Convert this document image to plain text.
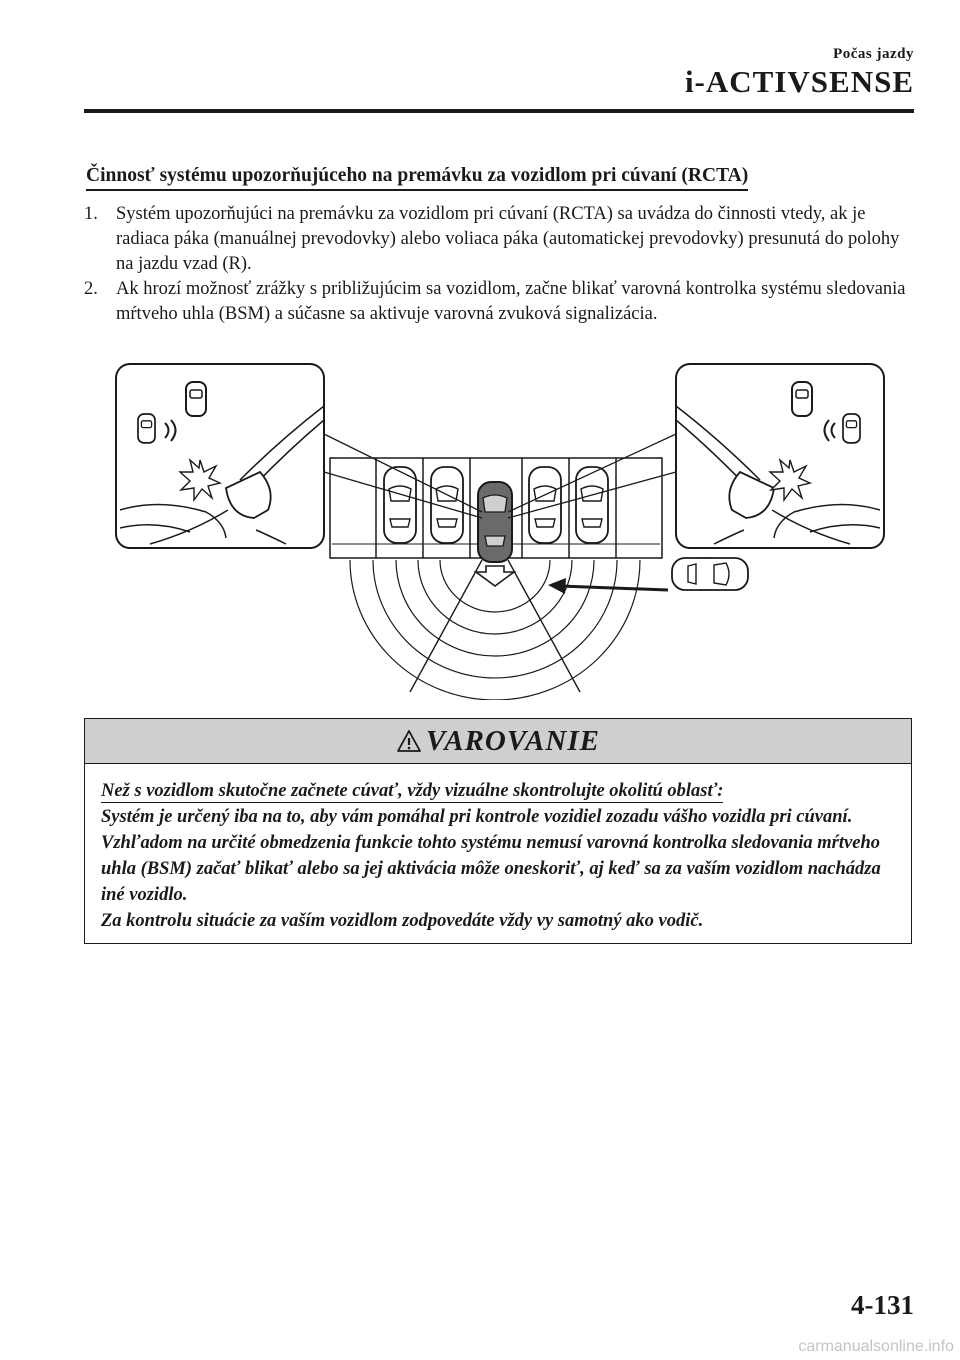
Počas jazdy
i-ACTIVSENSE
Činnosť systému upozorňujúceho na premávku za vozidlom pri cúvaní (RCTA)

1. Systém upozorňujúci na premávku za vozidlom pri cúvaní (RCTA) sa uvádza do činnosti vtedy, ak je radiaca páka (manuálnej prevodovky) alebo voliaca páka (automatickej prevodovky) presunutá do polohy na jazdu vzad (R).

2. Ak hrozí možnosť zrážky s približujúcim sa vozidlom, začne blikať varovná kontrolka systému sledovania mŕtveho uhla (BSM) a súčasne sa aktivuje varovná zvuková signalizácia.

VAROVANIE

Než s vozidlom skutočne začnete cúvať, vždy vizuálne skontrolujte okolitú oblasť:

Systém je určený iba na to, aby vám pomáhal pri kontrole vozidiel zozadu vášho vozidla pri cúvaní. Vzhľadom na určité obmedzenia funkcie tohto systému nemusí varovná kontrolka sledovania mŕtveho uhla (BSM) začať blikať alebo sa jej aktivácia môže oneskoriť, aj keď sa za vaším vozidlom nachádza iné vozidlo.

Za kontrolu situácie za vaším vozidlom zodpovedáte vždy vy samotný ako vodič.

4-131
carmanualsonline.info
